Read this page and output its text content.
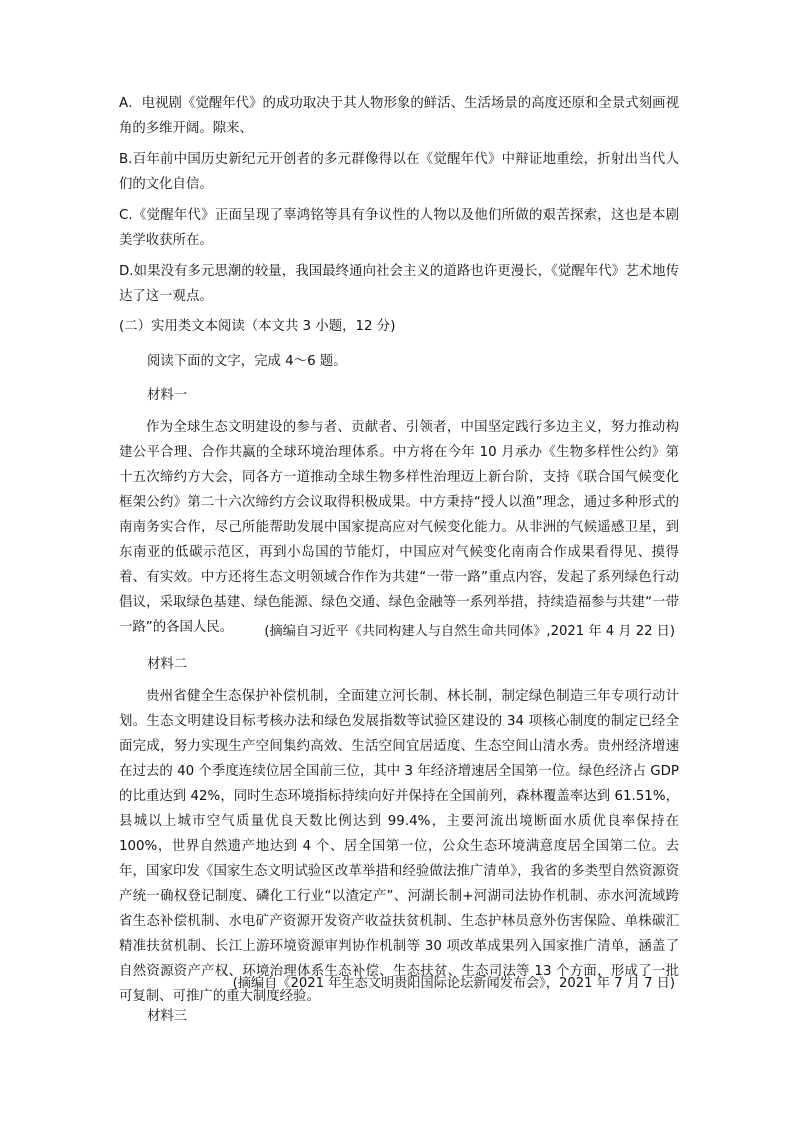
A．电视剧《觉醒年代》的成功取决于其人物形象的鲜活、生活场景的高度还原和全景式刻画视角的多维开阔。隙来、

B.百年前中国历史新纪元开创者的多元群像得以在《觉醒年代》中辩证地重绘，折射出当代人们的文化自信。

C.《觉醒年代》正面呈现了辜鸿铭等具有争议性的人物以及他们所做的艰苦探索，这也是本剧美学收获所在。

D.如果没有多元思潮的较量，我国最终通向社会主义的道路也许更漫长，《觉醒年代》艺术地传达了这一观点。

(二）实用类文本阅读（本文共 3 小题，12 分)

阅读下面的文字，完成 4～6 题。

材料一

作为全球生态文明建设的参与者、贡献者、引领者，中国坚定践行多边主义，努力推动构建公平合理、合作共赢的全球环境治理体系。中方将在今年 10 月承办《生物多样性公约》第十五次缔约方大会，同各方一道推动全球生物多样性治理迈上新台阶，支持《联合国气候变化框架公约》第二十六次缔约方会议取得积极成果。中方秉持“授人以渔”理念，通过多种形式的南南务实合作，尽己所能帮助发展中国家提高应对气候变化能力。从非洲的气候遥感卫星，到东南亚的低碳示范区，再到小岛国的节能灯，中国应对气候变化南南合作成果看得见、摸得着、有实效。中方还将生态文明领域合作作为共建“一带一路”重点内容，发起了系列绿色行动倡议，采取绿色基建、绿色能源、绿色交通、绿色金融等一系列举措，持续造福参与共建“一带一路”的各国人民。	(摘编自习近平《共同构建人与自然生命共同体》,2021 年 4 月 22 日)

材料二

贵州省健全生态保护补偿机制，全面建立河长制、林长制，制定绿色制造三年专项行动计划。生态文明建设目标考核办法和绿色发展指数等试验区建设的 34 项核心制度的制定已经全面完成，努力实现生产空间集约高效、生活空间宜居适度、生态空间山清水秀。贵州经济增速在过去的 40 个季度连续位居全国前三位，其中 3 年经济增速居全国第一位。绿色经济占 GDP 的比重达到 42%，同时生态环境指标持续向好并保持在全国前列，森林覆盖率达到 61.51%，县城以上城市空气质量优良天数比例达到 99.4%，主要河流出境断面水质优良率保持在 100%，世界自然遗产地达到 4 个、居全国第一位，公众生态环境满意度居全国第二位。去年，国家印发《国家生态文明试验区改革举措和经验做法推广清单》，我省的多类型自然资源资产统一确权登记制度、磷化工行业“以渣定产”、河湖长制+河湖司法协作机制、赤水河流域跨省生态补偿机制、水电矿产资源开发资产收益扶贫机制、生态护林员意外伤害保险、单株碳汇精准扶贫机制、长江上游环境资源审判协作机制等 30 项改革成果列入国家推广清单，涵盖了自然资源资产产权、环境治理体系生态补偿、生态扶贫、生态司法等 13 个方面，形成了一批可复制、可推广的重大制度经验。

(摘编自《2021 年生态文明贵阳国际论坛新闻发布会》，2021 年 7 月 7 日)

材料三
